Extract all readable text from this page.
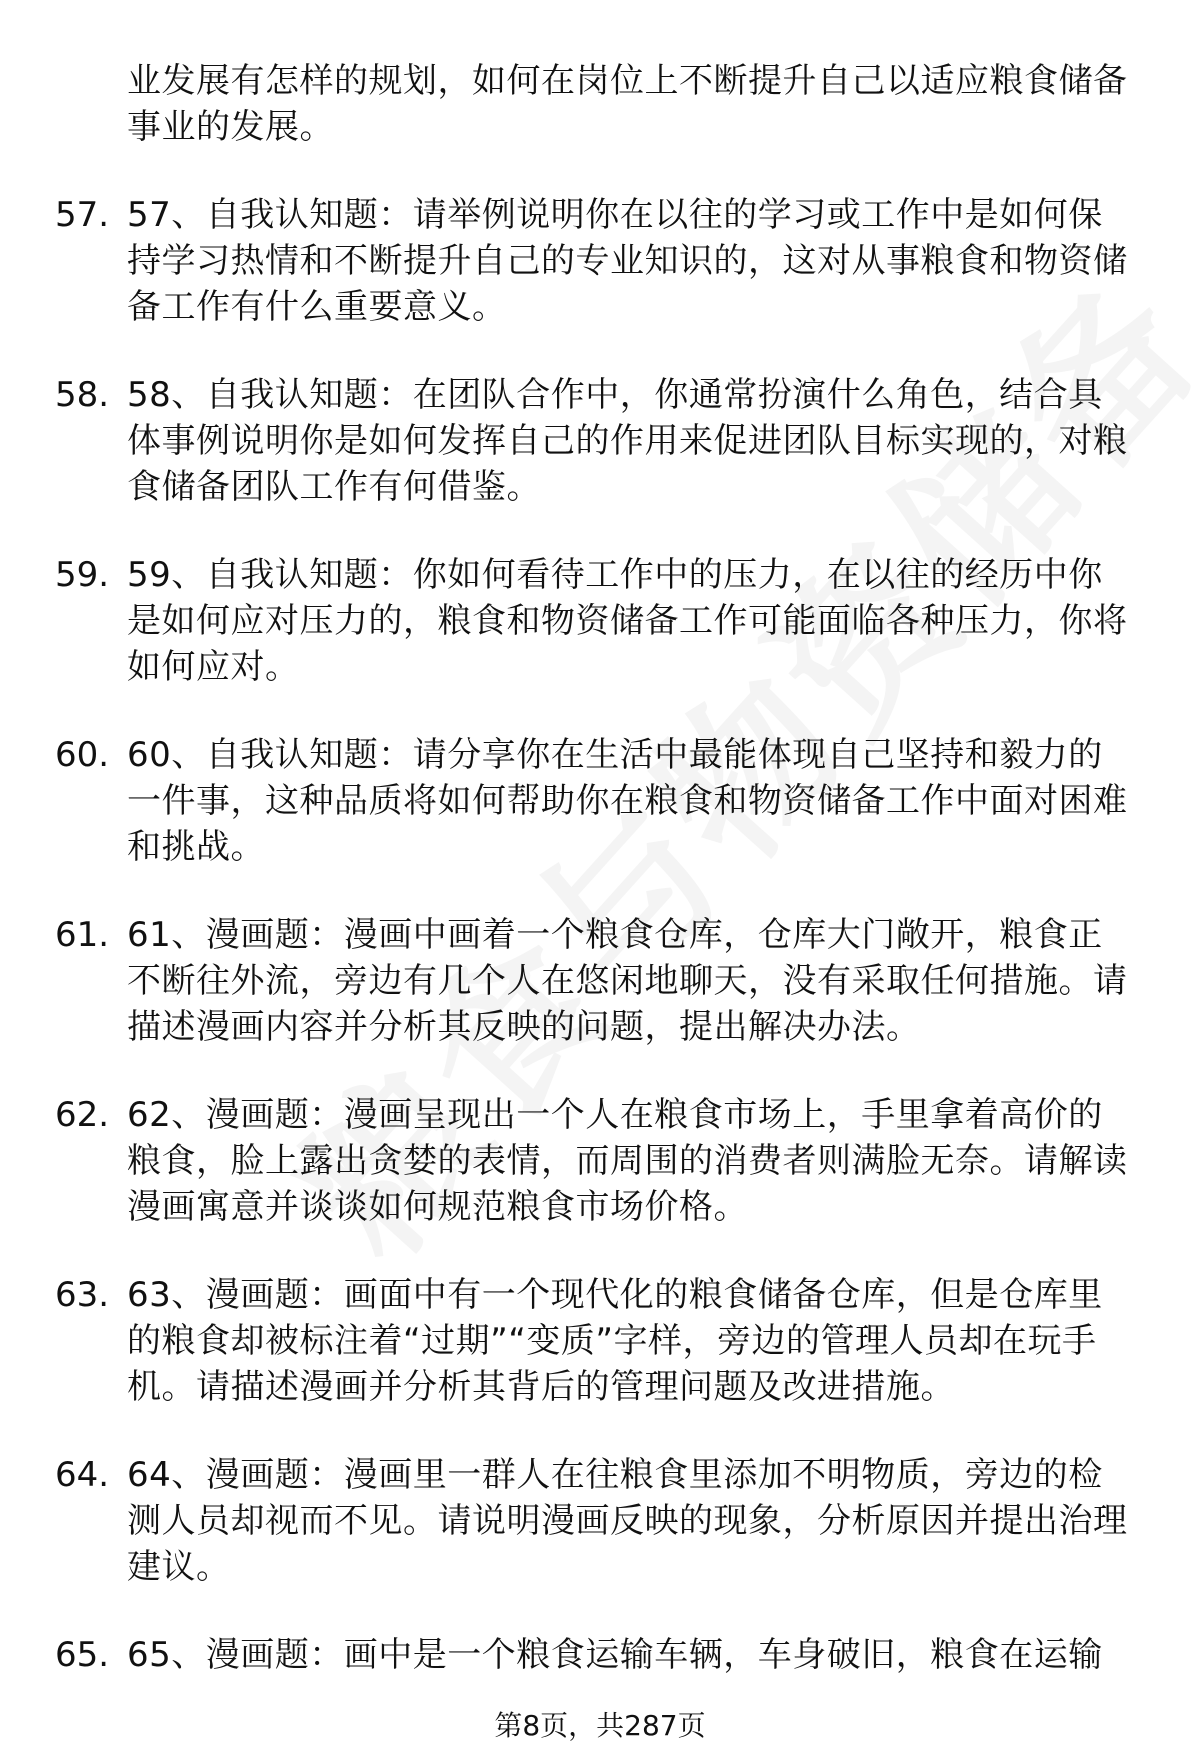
业发展有怎样的规划，如何在岗位上不断提升自己以适应粮食储备事业的发展。
57. 57、自我认知题：请举例说明你在以往的学习或工作中是如何保持学习热情和不断提升自己的专业知识的，这对从事粮食和物资储备工作有什么重要意义。
58. 58、自我认知题：在团队合作中，你通常扮演什么角色，结合具体事例说明你是如何发挥自己的作用来促进团队目标实现的，对粮食储备团队工作有何借鉴。
59. 59、自我认知题：你如何看待工作中的压力，在以往的经历中你是如何应对压力的，粮食和物资储备工作可能面临各种压力，你将如何应对。
60. 60、自我认知题：请分享你在生活中最能体现自己坚持和毅力的一件事，这种品质将如何帮助你在粮食和物资储备工作中面对困难和挑战。
61. 61、漫画题：漫画中画着一个粮食仓库，仓库大门敞开，粮食正不断往外流，旁边有几个人在悠闲地聊天，没有采取任何措施。请描述漫画内容并分析其反映的问题，提出解决办法。
62. 62、漫画题：漫画呈现出一个人在粮食市场上，手里拿着高价的粮食，脸上露出贪婪的表情，而周围的消费者则满脸无奈。请解读漫画寓意并谈谈如何规范粮食市场价格。
63. 63、漫画题：画面中有一个现代化的粮食储备仓库，但是仓库里的粮食却被标注着“过期”“变质”字样，旁边的管理人员却在玩手机。请描述漫画并分析其背后的管理问题及改进措施。
64. 64、漫画题：漫画里一群人在往粮食里添加不明物质，旁边的检测人员却视而不见。请说明漫画反映的现象，分析原因并提出治理建议。
65. 65、漫画题：画中是一个粮食运输车辆，车身破旧，粮食在运输
第8页，共287页
